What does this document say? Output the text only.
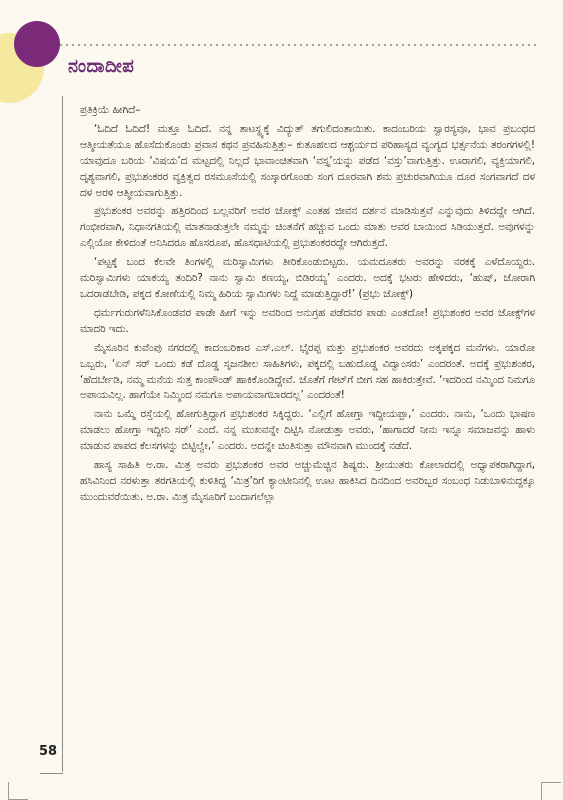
ನಂದಾದೀಪ
58

ಪ್ರತಿಕ್ರಿಯೆ ಹೀಗಿದೆ–

‘ಓದಿದೆ ಓದಿದೆ! ಮತ್ತೂ ಓದಿದೆ. ನನ್ನ ತಾಟಸ್ಥ್ಯಕ್ಕೆ ವಿದ್ಯುತ್ ತಗುಲಿದಂತಾಯಿತು. ಕಾದಂಬರಿಯ ಸ್ವಾರಸ್ಯವೂ, ಭಾವ ಪ್ರಬಂಧದ ಆತ್ಮೀಯತೆಯೂ ಹೊಸೆದುಕೊಂಡು ಪ್ರವಾಸ ಕಥನ ಪ್ರವಹಿಸುತ್ತಿತ್ತು– ಕುತೂಹಲದ ಆಶ್ಚರ್ಯದ ಪರಿಹಾಸ್ಯದ ವ್ಯಂಗ್ಯದ ಭರ್ತ್ಸನೆಯ ತರಂಗಗಳಲ್ಲಿ! ಯಾವುದೂ ಬರಿಯ ‘ವಿಷಯ’ದ ಮಟ್ಟದಲ್ಲಿ ನಿಲ್ಲದೆ ಭಾವಾಂಚಿತವಾಗಿ ‘ವಸ್ತೃ’ಯನ್ನು ಪಡೆದ ‘ವಸ್ತು’ವಾಗುತ್ತಿತ್ತು. ಊರಾಗಲಿ, ವ್ಯಕ್ತಿಯಾಗಲಿ, ದೃಶ್ಯವಾಗಲಿ, ಪ್ರಭುಶಂಕರರ ವ್ಯಕ್ತಿತ್ವದ ರಸಮೂಸೆಯಲ್ಲಿ ಸಂಸ್ಕಾರಗೊಂಡು ಸಂಗ ದೂರವಾಗಿ ಶಮ ಪ್ರಚುರವಾಗಿಯೂ ದೂರ ಸಂಗವಾಗದೆ ದಳ ದಳ ಅರಳಿ ಆತ್ಮೀಯವಾಗುತ್ತಿತ್ತು.

ಪ್ರಭುಶಂಕರ ಅವರನ್ನು ಹತ್ತಿರದಿಂದ ಬಲ್ಲವರಿಗೆ ಅವರ ಜೋಕ್ಸ್ ಎಂತಹ ಜೀವನ ದರ್ಶನ ಮಾಡಿಸುತ್ತವೆ ಎನ್ನುವುದು ತಿಳಿದದ್ದೇ ಆಗಿದೆ. ಗಂಭೀರವಾಗಿ, ನಿಧಾನಗತಿಯಲ್ಲಿ ಮಾತನಾಡುತ್ತಲೇ ನಮ್ಮನ್ನು ಚಿಂತನೆಗೆ ಹಚ್ಚುವ ಒಂದು ಮಾತು ಅವರ ಬಾಯಿಂದ ಸಿಡಿಯುತ್ತದೆ. ಅವುಗಳನ್ನು ಎಲ್ಲಿಯೋ ಕೇಳಿದಂತೆ ಅನಿಸಿದರೂ ಹೊಸರೂಪ, ಹೊಸಧಾಟಿಯಲ್ಲಿ ಪ್ರಭುಶಂಕರರದ್ದೇ ಆಗಿರುತ್ತದೆ.

‘ಪಟ್ಟಕ್ಕೆ ಬಂದ ಕೆಲವೇ ತಿಂಗಳಲ್ಲಿ ಮರಿಸ್ವಾಮಿಗಳು ತೀರಿಕೊಂಡುಬಿಟ್ಟರು. ಯಮದೂತರು ಅವರನ್ನು ನರಕಕ್ಕೆ ಎಳೆದೊಯ್ದರು. ಮರಿಸ್ವಾಮಿಗಳು ಯಾಕಯ್ಯ ತಂದಿರಿ? ನಾನು ಸ್ವಾಮಿ ಕಣಯ್ಯ, ಬಿಡಿರಯ್ಯ’ ಎಂದರು. ಅದಕ್ಕೆ ಭಟರು ಹೇಳಿದರು, ‘ಹುಷ್, ಜೋರಾಗಿ ಒದರಾಡಬೇಡಿ, ಪಕ್ಕದ ಕೋಣೆಯಲ್ಲಿ ನಿಮ್ಮ ಹಿರಿಯ ಸ್ವಾಮಿಗಳು ನಿದ್ದೆ ಮಾಡುತ್ತಿದ್ದಾರೆ!’ (ಪ್ರಭು ಜೋಕ್ಸ್)

ಧರ್ಮಗುರುಗಳೆನಿಸಿಕೊಂಡವರ ಪಾಡೇ ಹೀಗೆ ಇನ್ನು ಅವರಿಂದ ಅನುಗ್ರಹ ಪಡೆದವರ ಪಾಡು ಎಂತದೋ! ಪ್ರಭುಶಂಕರ ಅವರ ಜೋಕ್ಸ್‌ಗಳ ಮಾದರಿ ಇದು.

ಮೈಸೂರಿನ ಕುವೆಂಪು ನಗರದಲ್ಲಿ ಕಾದಂಬರಿಕಾರ ಎಸ್.ಎಲ್. ಭೈರಪ್ಪ ಮತ್ತು ಪ್ರಭುಶಂಕರ ಅವರದು ಅಕ್ಕಪಕ್ಕದ ಮನೆಗಳು. ಯಾರೋ ಒಬ್ಬರು, ‘ಏನ್ ಸರ್ ಒಂದು ಕಡೆ ದೊಡ್ಡ ಸೃಜನಶೀಲ ಸಾಹಿತಿಗಳು, ಪಕ್ಕದಲ್ಲಿ ಬಹುದೊಡ್ಡ ವಿದ್ವಾಂಸರು’ ಎಂದರಂತೆ. ಅದಕ್ಕೆ ಪ್ರಭುಶಂಕರ, ‘ಹೆದರ್ಬೇಡಿ, ನಮ್ಮ ಮನೆಯ ಸುತ್ತ ಕಾಂಪೌಂಡ್ ಹಾಕಿಕೊಂಡಿದ್ದೇವೆ. ಜೊತೆಗೆ ಗೇಟ್‌ಗೆ ಬೀಗ ಸಹ ಹಾಕಿರುತ್ತೇವೆ. ‘ಇದರಿಂದ ನಮ್ಮಿಂದ ನಿಮಗೂ ಅಪಾಯವಿಲ್ಲ. ಹಾಗೆಯೇ ನಿಮ್ಮಿಂದ ನಮಗೂ ಅಪಾಯವಾಗಬಾರದಲ್ಲ’ ಎಂದರಂತೆ!

ನಾನು ಒಮ್ಮೆ ರಸ್ತೆಯಲ್ಲಿ ಹೋಗುತ್ತಿದ್ದಾಗ ಪ್ರಭುಶಂಕರ ಸಿಕ್ಕಿದ್ದರು. ‘ಎಲ್ಲಿಗೆ ಹೋಗ್ತಾ ಇದ್ದೀಯಪ್ಪಾ,’ ಎಂದರು. ನಾನು, ‘ಒಂದು ಭಾಷಣ ಮಾಡಲು ಹೋಗ್ತಾ ಇದ್ದೀನಿ ಸರ್’ ಎಂದೆ. ನನ್ನ ಮುಖವನ್ನೇ ದಿಟ್ಟಿಸಿ ನೋಡುತ್ತಾ ಅವರು, ‘ಹಾಗಾದರೆ ನೀನು ಇನ್ನೂ ಸಮಾಜವನ್ನು ಹಾಳು ಮಾಡುವ ಪಾಪದ ಕೆಲಸಗಳನ್ನು ಬಿಟ್ಟಿಲ್ವೇ,’ ಎಂದರು. ಅದನ್ನೇ ಚಿಂತಿಸುತ್ತಾ ಮೌನವಾಗಿ ಮುಂದಕ್ಕೆ ನಡೆದೆ.

ಹಾಸ್ಯ ಸಾಹಿತಿ ಅ.ರಾ. ಮಿತ್ರ ಅವರು ಪ್ರಭುಶಂಕರ ಅವರ ಅಚ್ಚುಮೆಚ್ಚಿನ ಶಿಷ್ಯರು. ಶ್ರೀಯುತರು ಕೋಲಾರದಲ್ಲಿ ಅಧ್ಯಾಪಕರಾಗಿದ್ದಾಗ, ಹಸಿವಿನಿಂದ ನರಳುತ್ತಾ ತರಗತಿಯಲ್ಲಿ ಕುಳಿತಿದ್ದ ‘ಮಿತ್ರ’ರಿಗೆ ಕ್ಯಾಂಟೀನಿನಲ್ಲಿ ಊಟ ಹಾಕಿಸಿದ ದಿನದಿಂದ ಅವರಿಬ್ಬರ ಸಂಬಂಧ ನಿಡುಬಾಳಿನುದ್ದಕ್ಕೂ ಮುಂದುವರೆಯಿತು. ಅ.ರಾ. ಮಿತ್ರ ಮೈಸೂರಿಗೆ ಬಂದಾಗಲೆಲ್ಲಾ
